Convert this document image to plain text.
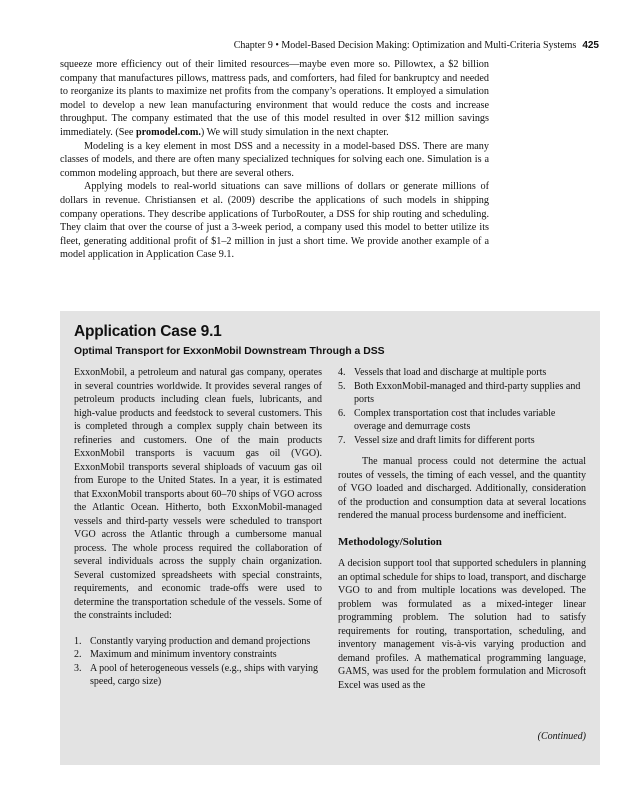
Chapter 9 • Model-Based Decision Making: Optimization and Multi-Criteria Systems 425

squeeze more efficiency out of their limited resources—maybe even more so. Pillowtex, a $2 billion company that manufactures pillows, mattress pads, and comforters, had filed for bankruptcy and needed to reorganize its plants to maximize net profits from the company’s operations. It employed a simulation model to develop a new lean manufacturing environment that would reduce the costs and increase throughput. The company estimated that the use of this model resulted in over $12 million savings immediately. (See promodel.com.) We will study simulation in the next chapter.

Modeling is a key element in most DSS and a necessity in a model-based DSS. There are many classes of models, and there are often many specialized techniques for solving each one. Simulation is a common modeling approach, but there are several others.

Applying models to real-world situations can save millions of dollars or generate millions of dollars in revenue. Christiansen et al. (2009) describe the applications of such models in shipping company operations. They describe applications of TurboRouter, a DSS for ship routing and scheduling. They claim that over the course of just a 3-week period, a company used this model to better utilize its fleet, generating additional profit of $1–2 million in just a short time. We provide another example of a model application in Application Case 9.1.

Application Case 9.1
Optimal Transport for ExxonMobil Downstream Through a DSS

ExxonMobil, a petroleum and natural gas company, operates in several countries worldwide. It provides several ranges of petroleum products including clean fuels, lubricants, and high-value products and feedstock to several customers. This is completed through a complex supply chain between its refineries and customers. One of the main products ExxonMobil transports is vacuum gas oil (VGO). ExxonMobil transports several shiploads of vacuum gas oil from Europe to the United States. In a year, it is estimated that ExxonMobil transports about 60–70 ships of VGO across the Atlantic Ocean. Hitherto, both ExxonMobil-managed vessels and third-party vessels were scheduled to transport VGO across the Atlantic through a cumbersome manual process. The whole process required the collaboration of several individuals across the supply chain organization. Several customized spreadsheets with special constraints, requirements, and economic trade-offs were used to determine the transportation schedule of the vessels. Some of the constraints included:

1. Constantly varying production and demand projections
2. Maximum and minimum inventory constraints
3. A pool of heterogeneous vessels (e.g., ships with varying speed, cargo size)
4. Vessels that load and discharge at multiple ports
5. Both ExxonMobil-managed and third-party supplies and ports
6. Complex transportation cost that includes variable overage and demurrage costs
7. Vessel size and draft limits for different ports

The manual process could not determine the actual routes of vessels, the timing of each vessel, and the quantity of VGO loaded and discharged. Additionally, consideration of the production and consumption data at several locations rendered the manual process burdensome and inefficient.

Methodology/Solution

A decision support tool that supported schedulers in planning an optimal schedule for ships to load, transport, and discharge VGO to and from multiple locations was developed. The problem was formulated as a mixed-integer linear programming problem. The solution had to satisfy requirements for routing, transportation, scheduling, and inventory management vis-à-vis varying production and demand profiles. A mathematical programming language, GAMS, was used for the problem formulation and Microsoft Excel was used as the

(Continued)
